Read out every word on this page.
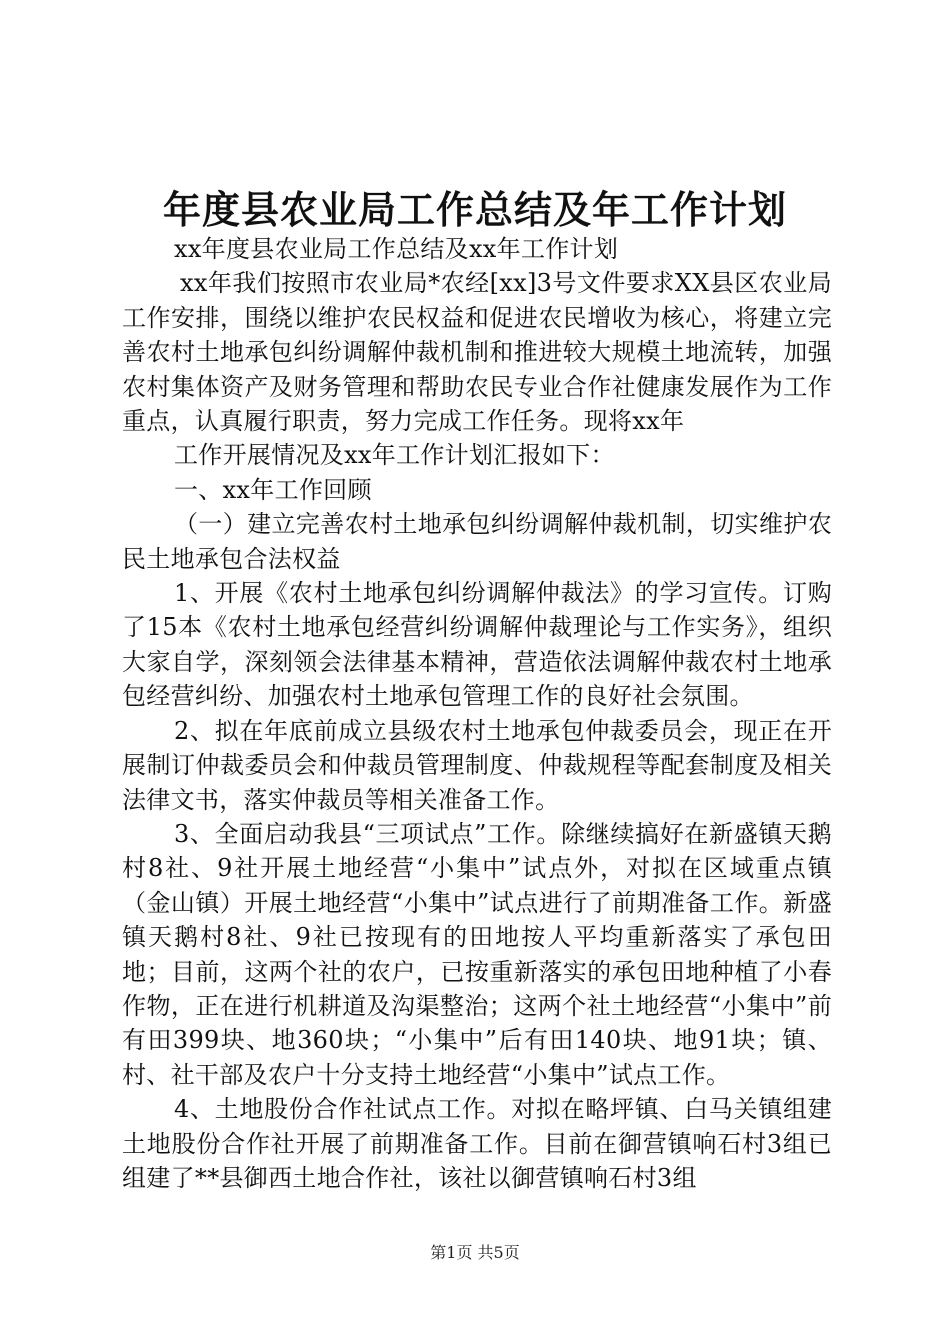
年度县农业局工作总结及年工作计划

xx年度县农业局工作总结及xx年工作计划

xx年我们按照市农业局*农经[xx]3号文件要求XX县区农业局工作安排，围绕以维护农民权益和促进农民增收为核心，将建立完善农村土地承包纠纷调解仲裁机制和推进较大规模土地流转，加强农村集体资产及财务管理和帮助农民专业合作社健康发展作为工作重点，认真履行职责，努力完成工作任务。现将xx年

工作开展情况及xx年工作计划汇报如下：

一、xx年工作回顾

（一）建立完善农村土地承包纠纷调解仲裁机制，切实维护农民土地承包合法权益

1、开展《农村土地承包纠纷调解仲裁法》的学习宣传。订购了15本《农村土地承包经营纠纷调解仲裁理论与工作实务》，组织大家自学，深刻领会法律基本精神，营造依法调解仲裁农村土地承包经营纠纷、加强农村土地承包管理工作的良好社会氛围。

2、拟在年底前成立县级农村土地承包仲裁委员会，现正在开展制订仲裁委员会和仲裁员管理制度、仲裁规程等配套制度及相关法律文书，落实仲裁员等相关准备工作。

3、全面启动我县“三项试点”工作。除继续搞好在新盛镇天鹅村8社、9社开展土地经营“小集中”试点外，对拟在区域重点镇（金山镇）开展土地经营“小集中”试点进行了前期准备工作。新盛镇天鹅村8社、9社已按现有的田地按人平均重新落实了承包田地；目前，这两个社的农户，已按重新落实的承包田地种植了小春作物，正在进行机耕道及沟渠整治；这两个社土地经营“小集中”前有田399块、地360块；“小集中”后有田140块、地91块；镇、村、社干部及农户十分支持土地经营“小集中”试点工作。

4、土地股份合作社试点工作。对拟在略坪镇、白马关镇组建土地股份合作社开展了前期准备工作。目前在御营镇响石村3组已组建了**县御西土地合作社，该社以御营镇响石村3组

第1页 共5页
